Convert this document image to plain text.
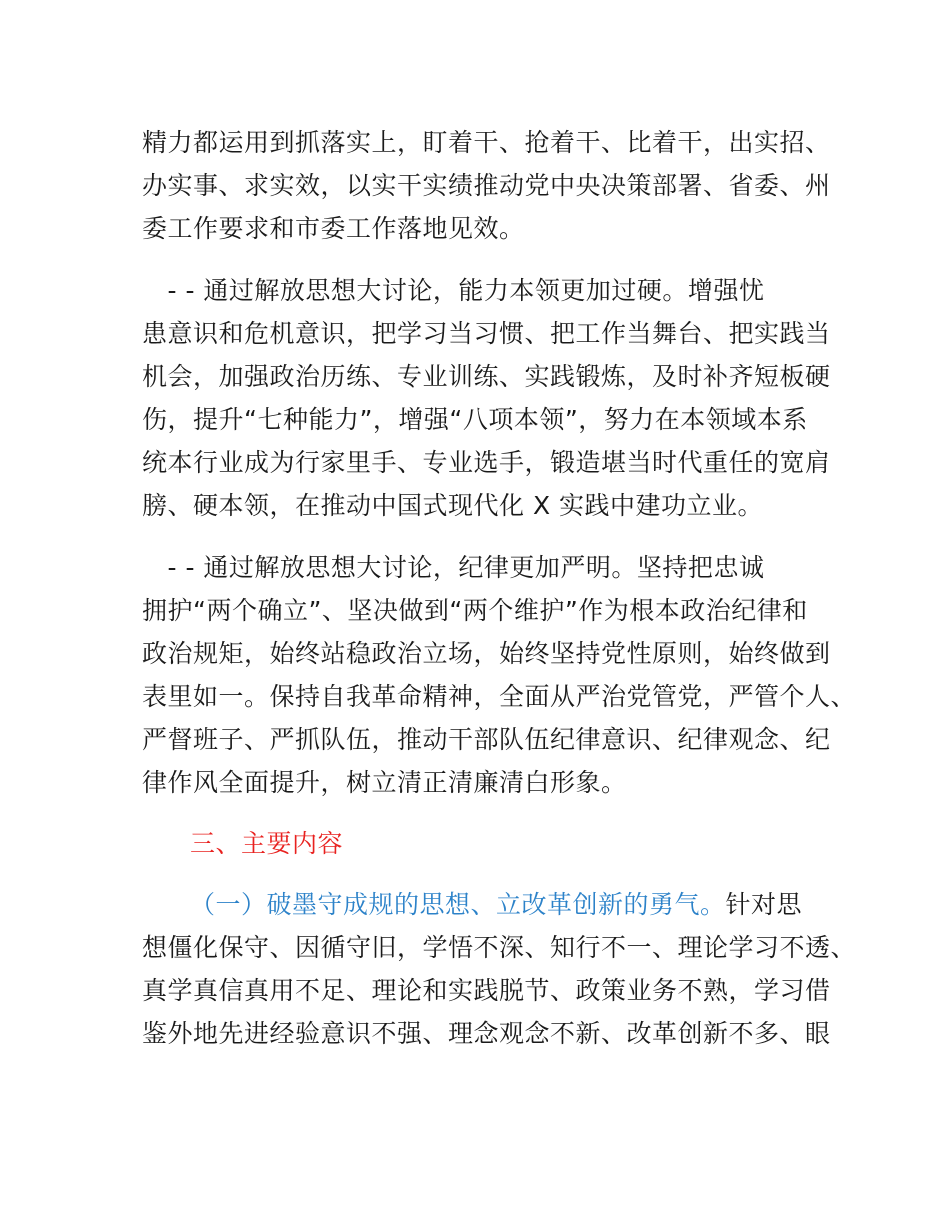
精力都运用到抓落实上，盯着干、抢着干、比着干，出实招、
办实事、求实效，以实干实绩推动党中央决策部署、省委、州
委工作要求和市委工作落地见效。
　- - 通过解放思想大讨论，能力本领更加过硬。增强忧
患意识和危机意识，把学习当习惯、把工作当舞台、把实践当
机会，加强政治历练、专业训练、实践锻炼，及时补齐短板硬
伤，提升“七种能力”，增强“八项本领”，努力在本领域本系
统本行业成为行家里手、专业选手，锻造堪当时代重任的宽肩
膀、硬本领，在推动中国式现代化 X 实践中建功立业。
　- - 通过解放思想大讨论，纪律更加严明。坚持把忠诚
拥护“两个确立”、坚决做到“两个维护”作为根本政治纪律和
政治规矩，始终站稳政治立场，始终坚持党性原则，始终做到
表里如一。保持自我革命精神，全面从严治党管党，严管个人、
严督班子、严抓队伍，推动干部队伍纪律意识、纪律观念、纪
律作风全面提升，树立清正清廉清白形象。
三、主要内容
（一）破墨守成规的思想、立改革创新的勇气。针对思
想僵化保守、因循守旧，学悟不深、知行不一、理论学习不透、
真学真信真用不足、理论和实践脱节、政策业务不熟，学习借
鉴外地先进经验意识不强、理念观念不新、改革创新不多、眼
